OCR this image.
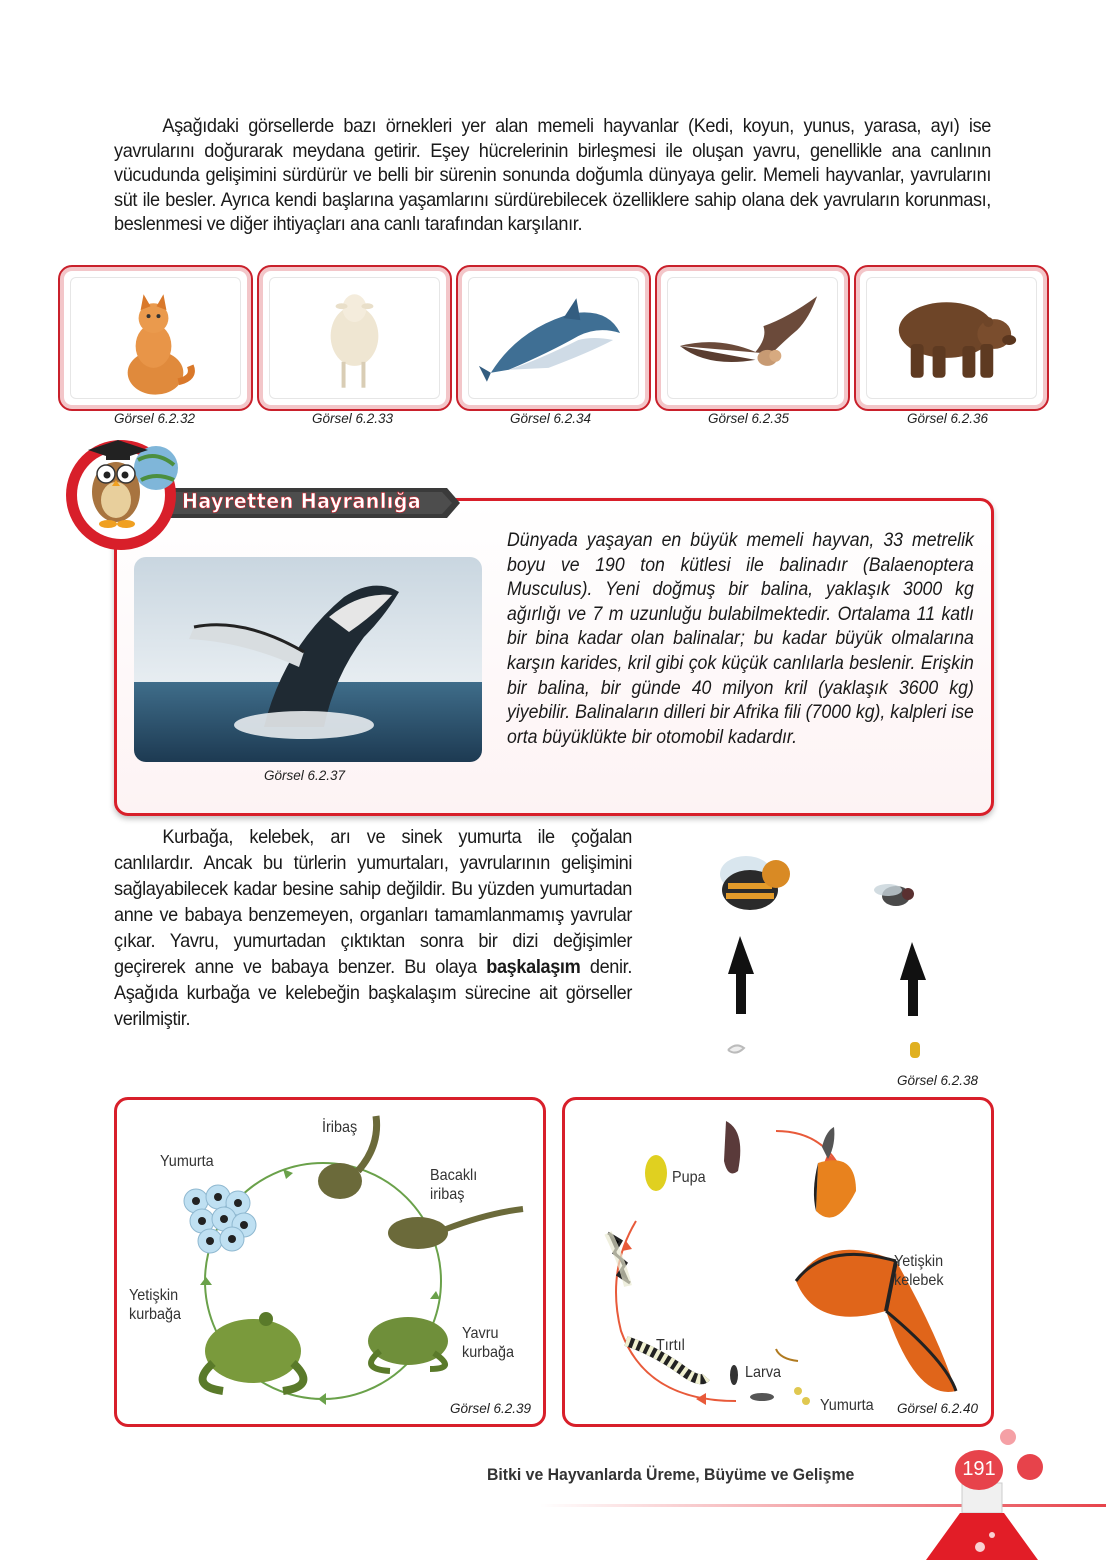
Aşağıdaki görsellerde bazı örnekleri yer alan memeli hayvanlar (Kedi, koyun, yunus, yarasa, ayı) ise yavrularını doğurarak meydana getirir. Eşey hücrelerinin birleşmesi ile oluşan yavru, genellikle ana canlının vücudunda gelişimini sürdürür ve belli bir sürenin sonunda doğumla dünyaya gelir. Memeli hayvanlar, yavrularını süt ile besler. Ayrıca kendi başlarına yaşamlarını sürdürebilecek özelliklere sahip olana dek yavruların korunması, beslenmesi ve diğer ihtiyaçları ana canlı tarafından karşılanır.

Görsel 6.2.32	Görsel 6.2.33	Görsel 6.2.34	Görsel 6.2.35	Görsel 6.2.36
Hayretten Hayranlığa
Görsel 6.2.37
Dünyada yaşayan en büyük memeli hayvan, 33 metrelik boyu ve 190 ton kütlesi ile balinadır (Balaenoptera Musculus). Yeni doğmuş bir balina, yaklaşık 3000 kg ağırlığı ve 7 m uzunluğu bulabilmektedir. Ortalama 11 katlı bir bina kadar olan balinalar; bu kadar büyük olmalarına karşın karides, kril gibi çok küçük canlılarla beslenir. Erişkin bir balina, bir günde 40 milyon kril (yaklaşık 3600 kg) yiyebilir. Balinaların dilleri bir Afrika fili (7000 kg), kalpleri ise orta büyüklükte bir otomobil kadardır.

Kurbağa, kelebek, arı ve sinek yumurta ile çoğalan canlılardır. Ancak bu türlerin yumurtaları, yavrularının gelişimini sağlayabilecek kadar besine sahip değildir. Bu yüzden yumurtadan anne ve babaya benzemeyen, organları tamamlanmamış yavrular çıkar. Yavru, yumurtadan çıktıktan sonra bir dizi değişimler geçirerek anne ve babaya benzer. Bu olaya başkalaşım denir. Aşağıda kurbağa ve kelebeğin başkalaşım sürecine ait görseller verilmiştir.

Görsel 6.2.38
İribaş
Yumurta
Bacaklı iribaş
Yetişkin kurbağa
Yavru kurbağa
Görsel 6.2.39
Pupa
Yetişkin kelebek
Tırtıl
Larva
Yumurta Görsel 6.2.40
Bitki ve Hayvanlarda Üreme, Büyüme ve Gelişme	191
